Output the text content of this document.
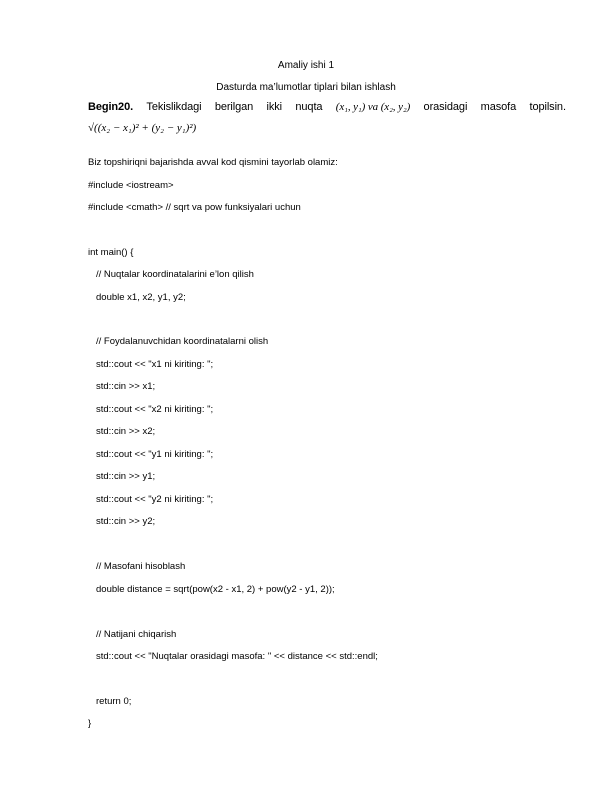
Amaliy ishi 1
Dasturda ma’lumotlar tiplari bilan ishlash
Begin20. Tekislikdagi berilgan ikki nuqta (x₁, y₁) va (x₂, y₂) orasidagi masofa topilsin.
√((x₂ − x₁)² + (y₂ − y₁)²)
Biz topshiriqni bajarishda avval kod qismini tayorlab olamiz:
#include <iostream>
#include <cmath> // sqrt va pow funksiyalari uchun
int main() {
// Nuqtalar koordinatalarini e’lon qilish
double x1, x2, y1, y2;
// Foydalanuvchidan koordinatalarni olish
std::cout << "x1 ni kiriting: ";
std::cin >> x1;
std::cout << "x2 ni kiriting: ";
std::cin >> x2;
std::cout << "y1 ni kiriting: ";
std::cin >> y1;
std::cout << "y2 ni kiriting: ";
std::cin >> y2;
// Masofani hisoblash
double distance = sqrt(pow(x2 - x1, 2) + pow(y2 - y1, 2));
// Natijani chiqarish
std::cout << "Nuqtalar orasidagi masofa: " << distance << std::endl;
return 0;
}
